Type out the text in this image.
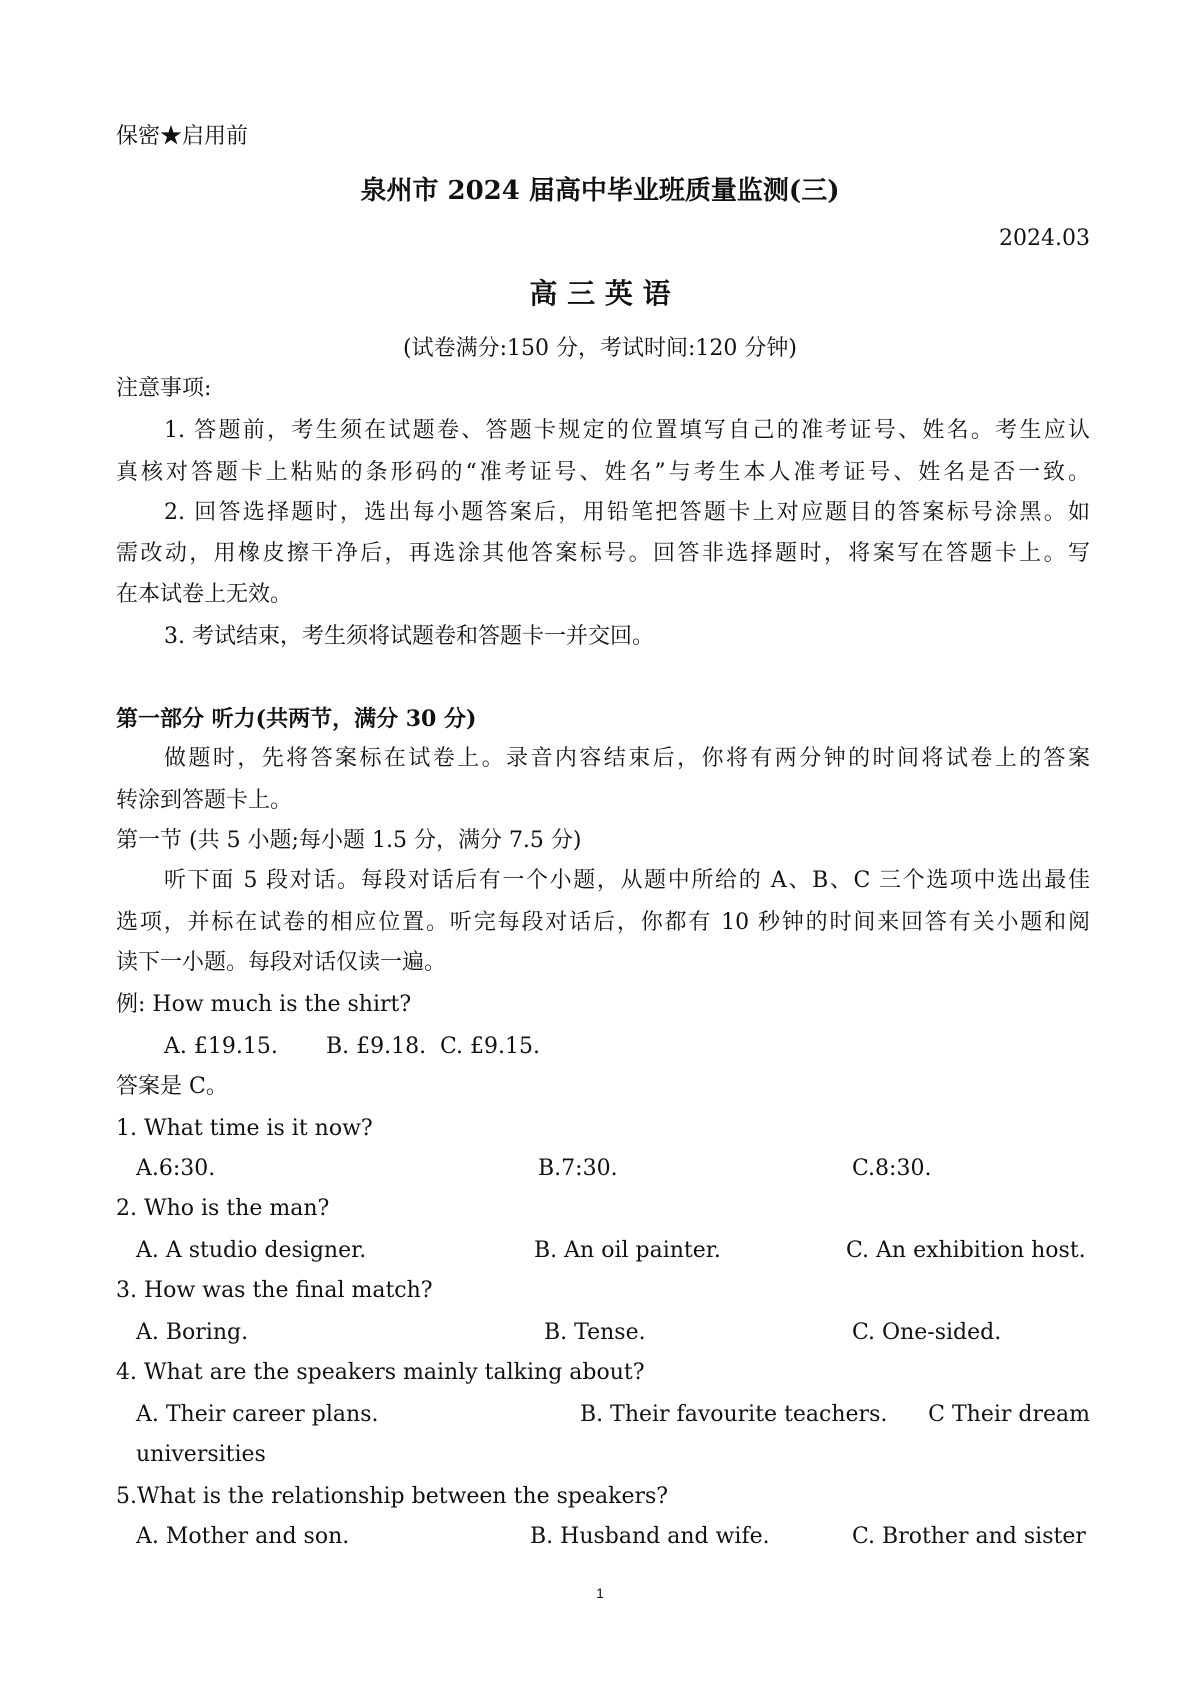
保密★启用前
泉州市 2024 届高中毕业班质量监测(三)
2024.03
高 三 英 语
(试卷满分:150 分，考试时间:120 分钟)
注意事项:
1. 答题前，考生须在试题卷、答题卡规定的位置填写自己的准考证号、姓名。考生应认
真核对答题卡上粘贴的条形码的“准考证号、姓名”与考生本人准考证号、姓名是否一致。
2. 回答选择题时，选出每小题答案后，用铅笔把答题卡上对应题目的答案标号涂黑。如
需改动，用橡皮擦干净后，再选涂其他答案标号。回答非选择题时，将案写在答题卡上。写
在本试卷上无效。
3. 考试结束，考生须将试题卷和答题卡一并交回。
第一部分 听力(共两节，满分 30 分)
做题时，先将答案标在试卷上。录音内容结束后，你将有两分钟的时间将试卷上的答案
转涂到答题卡上。
第一节 (共 5 小题;每小题 1.5 分，满分 7.5 分)
听下面 5 段对话。每段对话后有一个小题，从题中所给的 A、B、C 三个选项中选出最佳
选项，并标在试卷的相应位置。听完每段对话后，你都有 10 秒钟的时间来回答有关小题和阅
读下一小题。每段对话仅读一遍。
例: How much is the shirt?
A. £19.15. B. £9.18. C. £9.15.
答案是 C。
1. What time is it now?
A.6:30.	B.7:30.	C.8:30.
2. Who is the man?
A. A studio designer.	B. An oil painter.	C. An exhibition host.
3. How was the final match?
A. Boring.	B. Tense.	C. One-sided.
4. What are the speakers mainly talking about?
A. Their career plans.	B. Their favourite teachers. C Their dream
universities
5.What is the relationship between the speakers?
A. Mother and son.	B. Husband and wife.	C. Brother and sister
1
